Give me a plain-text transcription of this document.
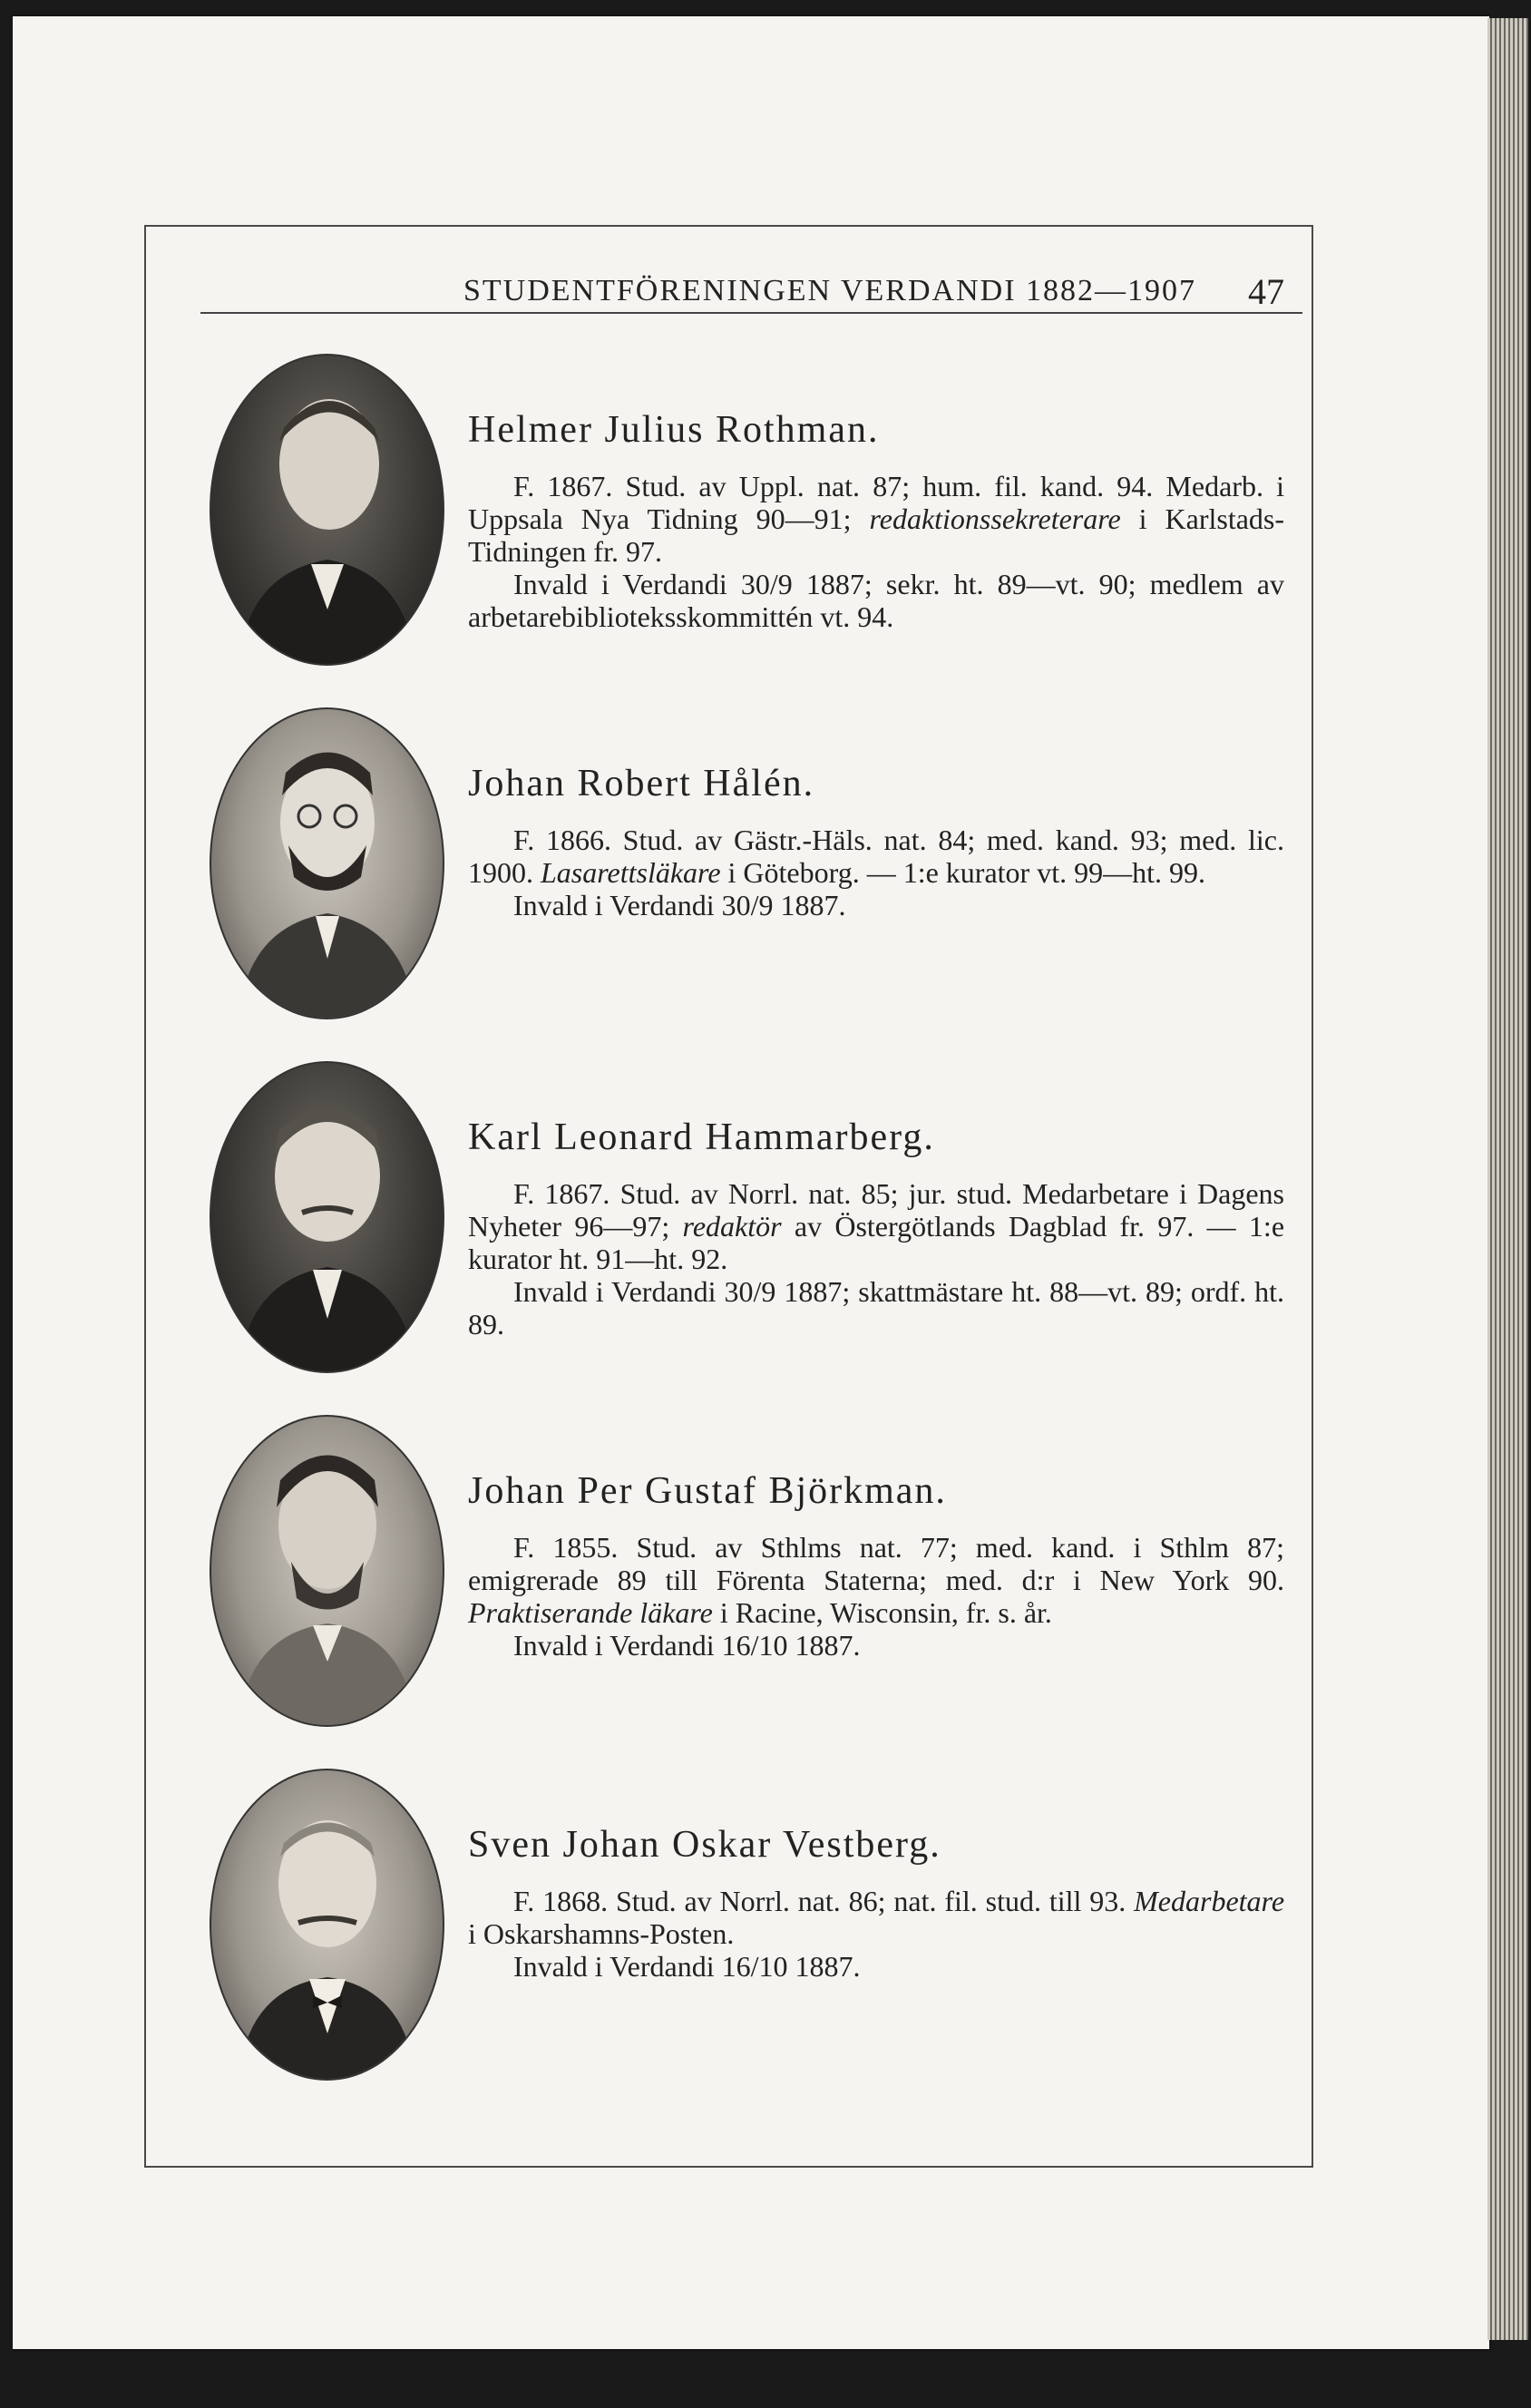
STUDENTFÖRENINGEN VERDANDI 1882—1907 47
Helmer Julius Rothman.

F. 1867. Stud. av Uppl. nat. 87; hum. fil. kand. 94. Medarb. i Uppsala Nya Tidning 90—91; redaktionssekreterare i Karlstads-Tidningen fr. 97.

Invald i Verdandi 30/9 1887; sekr. ht. 89—vt. 90; medlem av arbetarebiblioteksskommittén vt. 94.

Johan Robert Hålén.

F. 1866. Stud. av Gästr.-Häls. nat. 84; med. kand. 93; med. lic. 1900. Lasarettsläkare i Göteborg. — 1:e kurator vt. 99—ht. 99.

Invald i Verdandi 30/9 1887.

Karl Leonard Hammarberg.

F. 1867. Stud. av Norrl. nat. 85; jur. stud. Medarbetare i Dagens Nyheter 96—97; redaktör av Östergötlands Dagblad fr. 97. — 1:e kurator ht. 91—ht. 92.

Invald i Verdandi 30/9 1887; skattmästare ht. 88—vt. 89; ordf. ht. 89.

Johan Per Gustaf Björkman.

F. 1855. Stud. av Sthlms nat. 77; med. kand. i Sthlm 87; emigrerade 89 till Förenta Staterna; med. d:r i New York 90. Praktiserande läkare i Racine, Wisconsin, fr. s. år.

Invald i Verdandi 16/10 1887.

Sven Johan Oskar Vestberg.

F. 1868. Stud. av Norrl. nat. 86; nat. fil. stud. till 93. Medarbetare i Oskarshamns-Posten.

Invald i Verdandi 16/10 1887.
